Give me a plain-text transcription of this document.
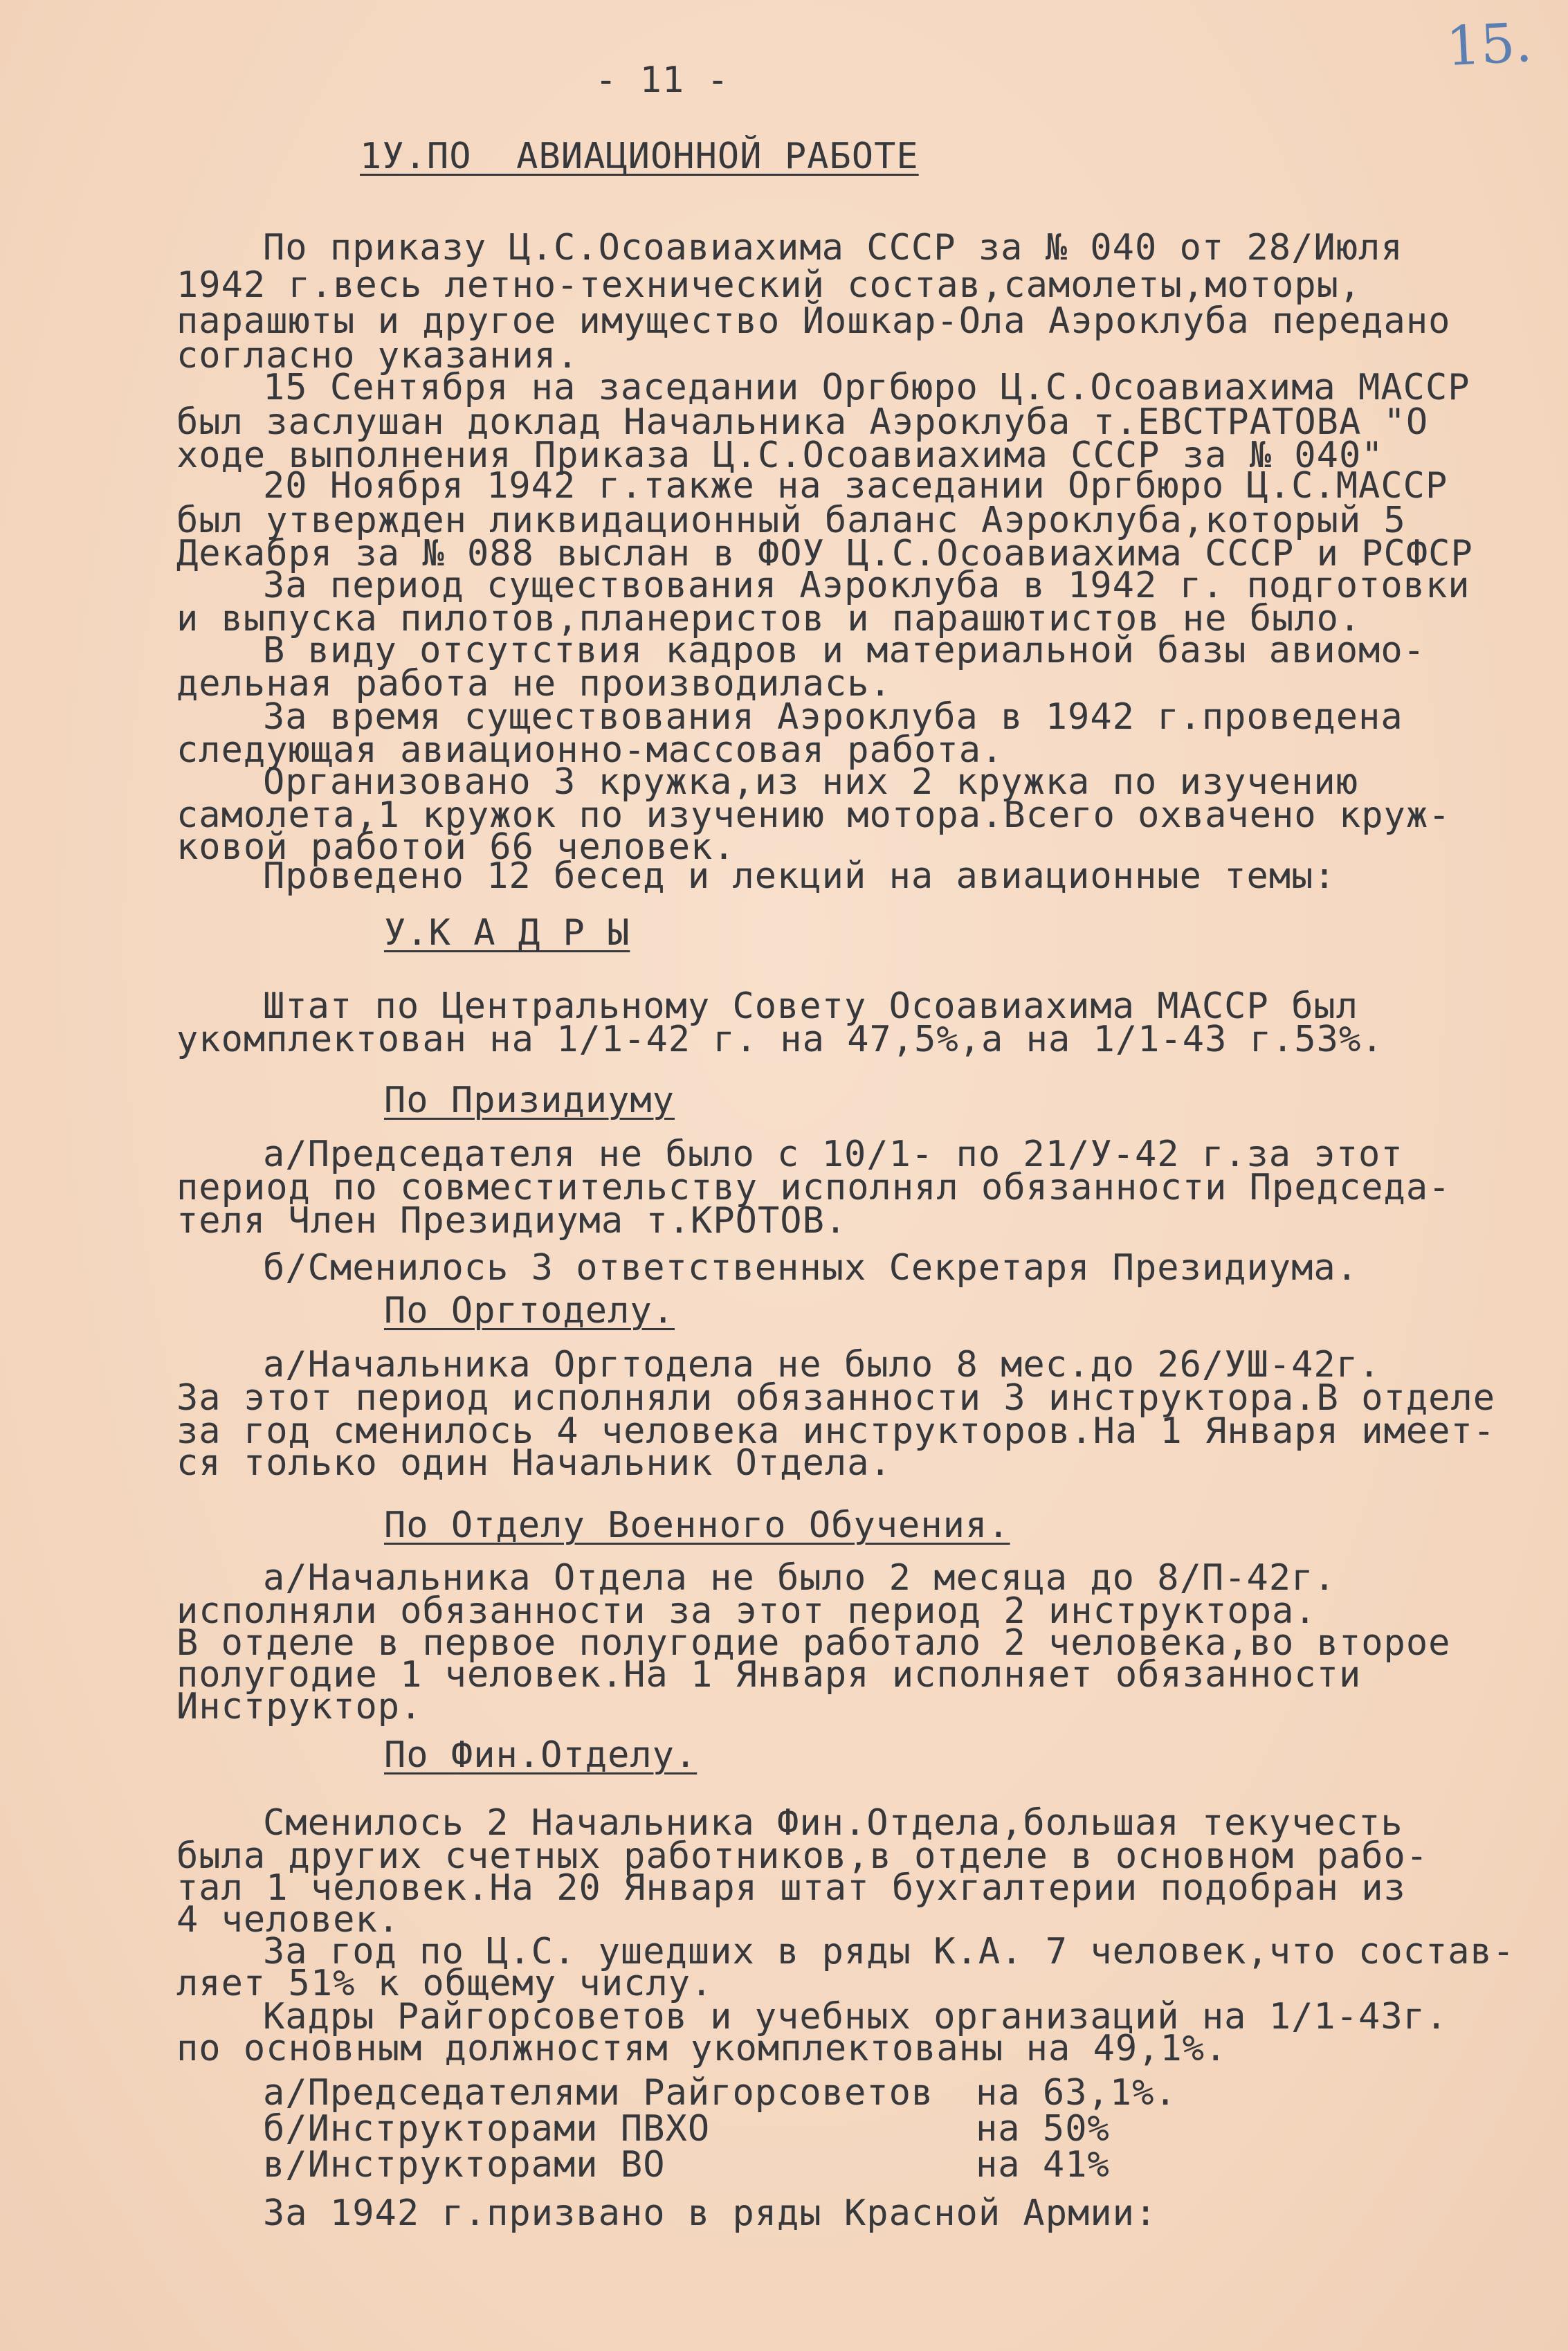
15.
- 11 -
1У.ПО  АВИАЦИОННОЙ РАБОТЕ
По приказу Ц.С.Осоавиахима СССР за № 040 от 28/Июля
1942 г.весь летно-технический состав,самолеты,моторы,
парашюты и другое имущество Йошкар-Ола Аэроклуба передано
согласно указания.
15 Сентября на заседании Оргбюро Ц.С.Осоавиахима МАССР
был заслушан доклад Начальника Аэроклуба т.ЕВСТРАТОВА "О
ходе выполнения Приказа Ц.С.Осоавиахима СССР за № 040"
20 Ноября 1942 г.также на заседании Оргбюро Ц.С.МАССР
был утвержден ликвидационный баланс Аэроклуба,который 5
Декабря за № 088 выслан в ФОУ Ц.С.Осоавиахима СССР и РСФСР
За период существования Аэроклуба в 1942 г. подготовки
и выпуска пилотов,планеристов и парашютистов не было.
В виду отсутствия кадров и материальной базы авиомо-
дельная работа не производилась.
За время существования Аэроклуба в 1942 г.проведена
следующая авиационно-массовая работа.
Организовано 3 кружка,из них 2 кружка по изучению
самолета,1 кружок по изучению мотора.Всего охвачено круж-
ковой работой 66 человек.
Проведено 12 бесед и лекций на авиационные темы:
У.К А Д Р Ы
Штат по Центральному Совету Осоавиахима МАССР был
укомплектован на 1/1-42 г. на 47,5%,а на 1/1-43 г.53%.
По Призидиуму
а/Председателя не было с 10/1- по 21/У-42 г.за этот
период по совместительству исполнял обязанности Председа-
теля Член Президиума т.КРОТОВ.
б/Сменилось 3 ответственных Секретаря Президиума.
По Оргтоделу.
а/Начальника Оргтодела не было 8 мес.до 26/УШ-42г.
За этот период исполняли обязанности 3 инструктора.В отделе
за год сменилось 4 человека инструкторов.На 1 Января имеет-
ся только один Начальник Отдела.
По Отделу Военного Обучения.
а/Начальника Отдела не было 2 месяца до 8/П-42г.
исполняли обязанности за этот период 2 инструктора.
В отделе в первое полугодие работало 2 человека,во второе
полугодие 1 человек.На 1 Января исполняет обязанности
Инструктор.
По Фин.Отделу.
Сменилось 2 Начальника Фин.Отдела,большая текучесть
была других счетных работников,в отделе в основном рабо-
тал 1 человек.На 20 Января штат бухгалтерии подобран из
4 человек.
За год по Ц.С. ушедших в ряды К.А. 7 человек,что состав-
ляет 51% к общему числу.
Кадры Райгорсоветов и учебных организаций на 1/1-43г.
по основным должностям укомплектованы на 49,1%.
а/Председателями Райгорсоветов на 63,1%.
б/Инструкторами ПВХО	на 50%
в/Инструкторами ВО	на 41%
За 1942 г.призвано в ряды Красной Армии:
